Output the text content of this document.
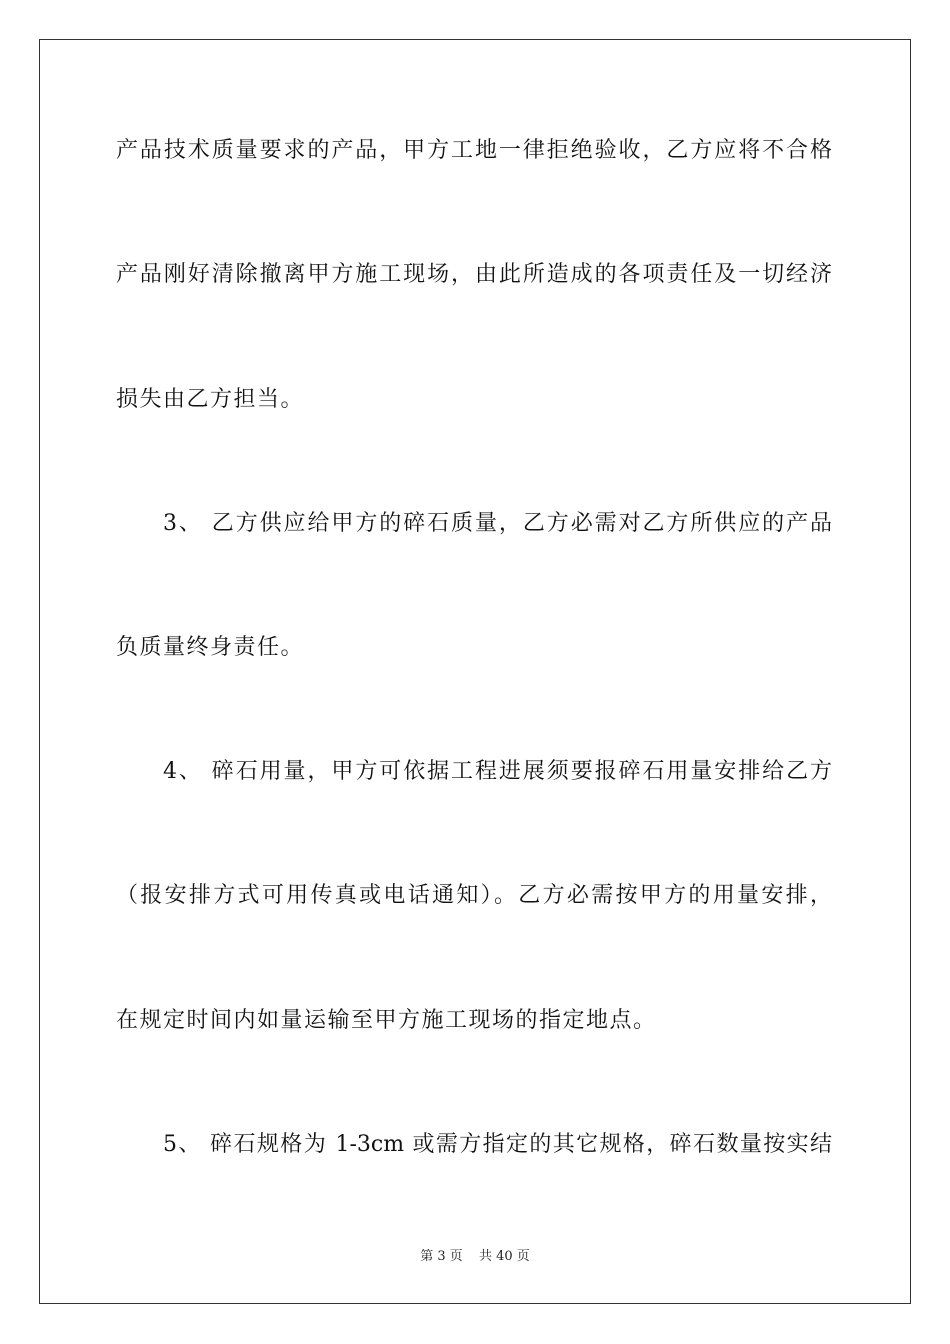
产品技术质量要求的产品，甲方工地一律拒绝验收，乙方应将不合格
产品刚好清除撤离甲方施工现场，由此所造成的各项责任及一切经济
损失由乙方担当。
3、 乙方供应给甲方的碎石质量，乙方必需对乙方所供应的产品
负质量终身责任。
4、 碎石用量，甲方可依据工程进展须要报碎石用量安排给乙方
（报安排方式可用传真或电话通知）。乙方必需按甲方的用量安排，
在规定时间内如量运输至甲方施工现场的指定地点。
5、 碎石规格为 1-3cm 或需方指定的其它规格，碎石数量按实结
第 3 页 共 40 页
